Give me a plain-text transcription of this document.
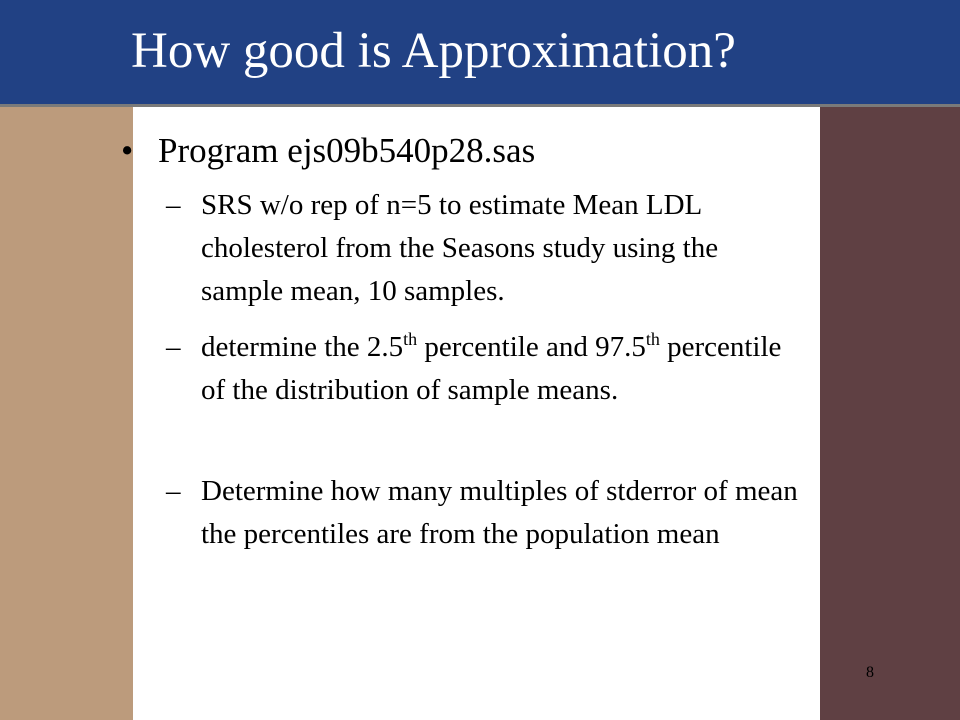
How good is Approximation?
• Program ejs09b540p28.sas
– SRS w/o rep of n=5 to estimate Mean LDL cholesterol from the Seasons study using the sample mean, 10 samples.
– determine the 2.5th percentile and 97.5th percentile of the distribution of sample means.
– Determine how many multiples of stderror of mean the percentiles are from the population mean
8
